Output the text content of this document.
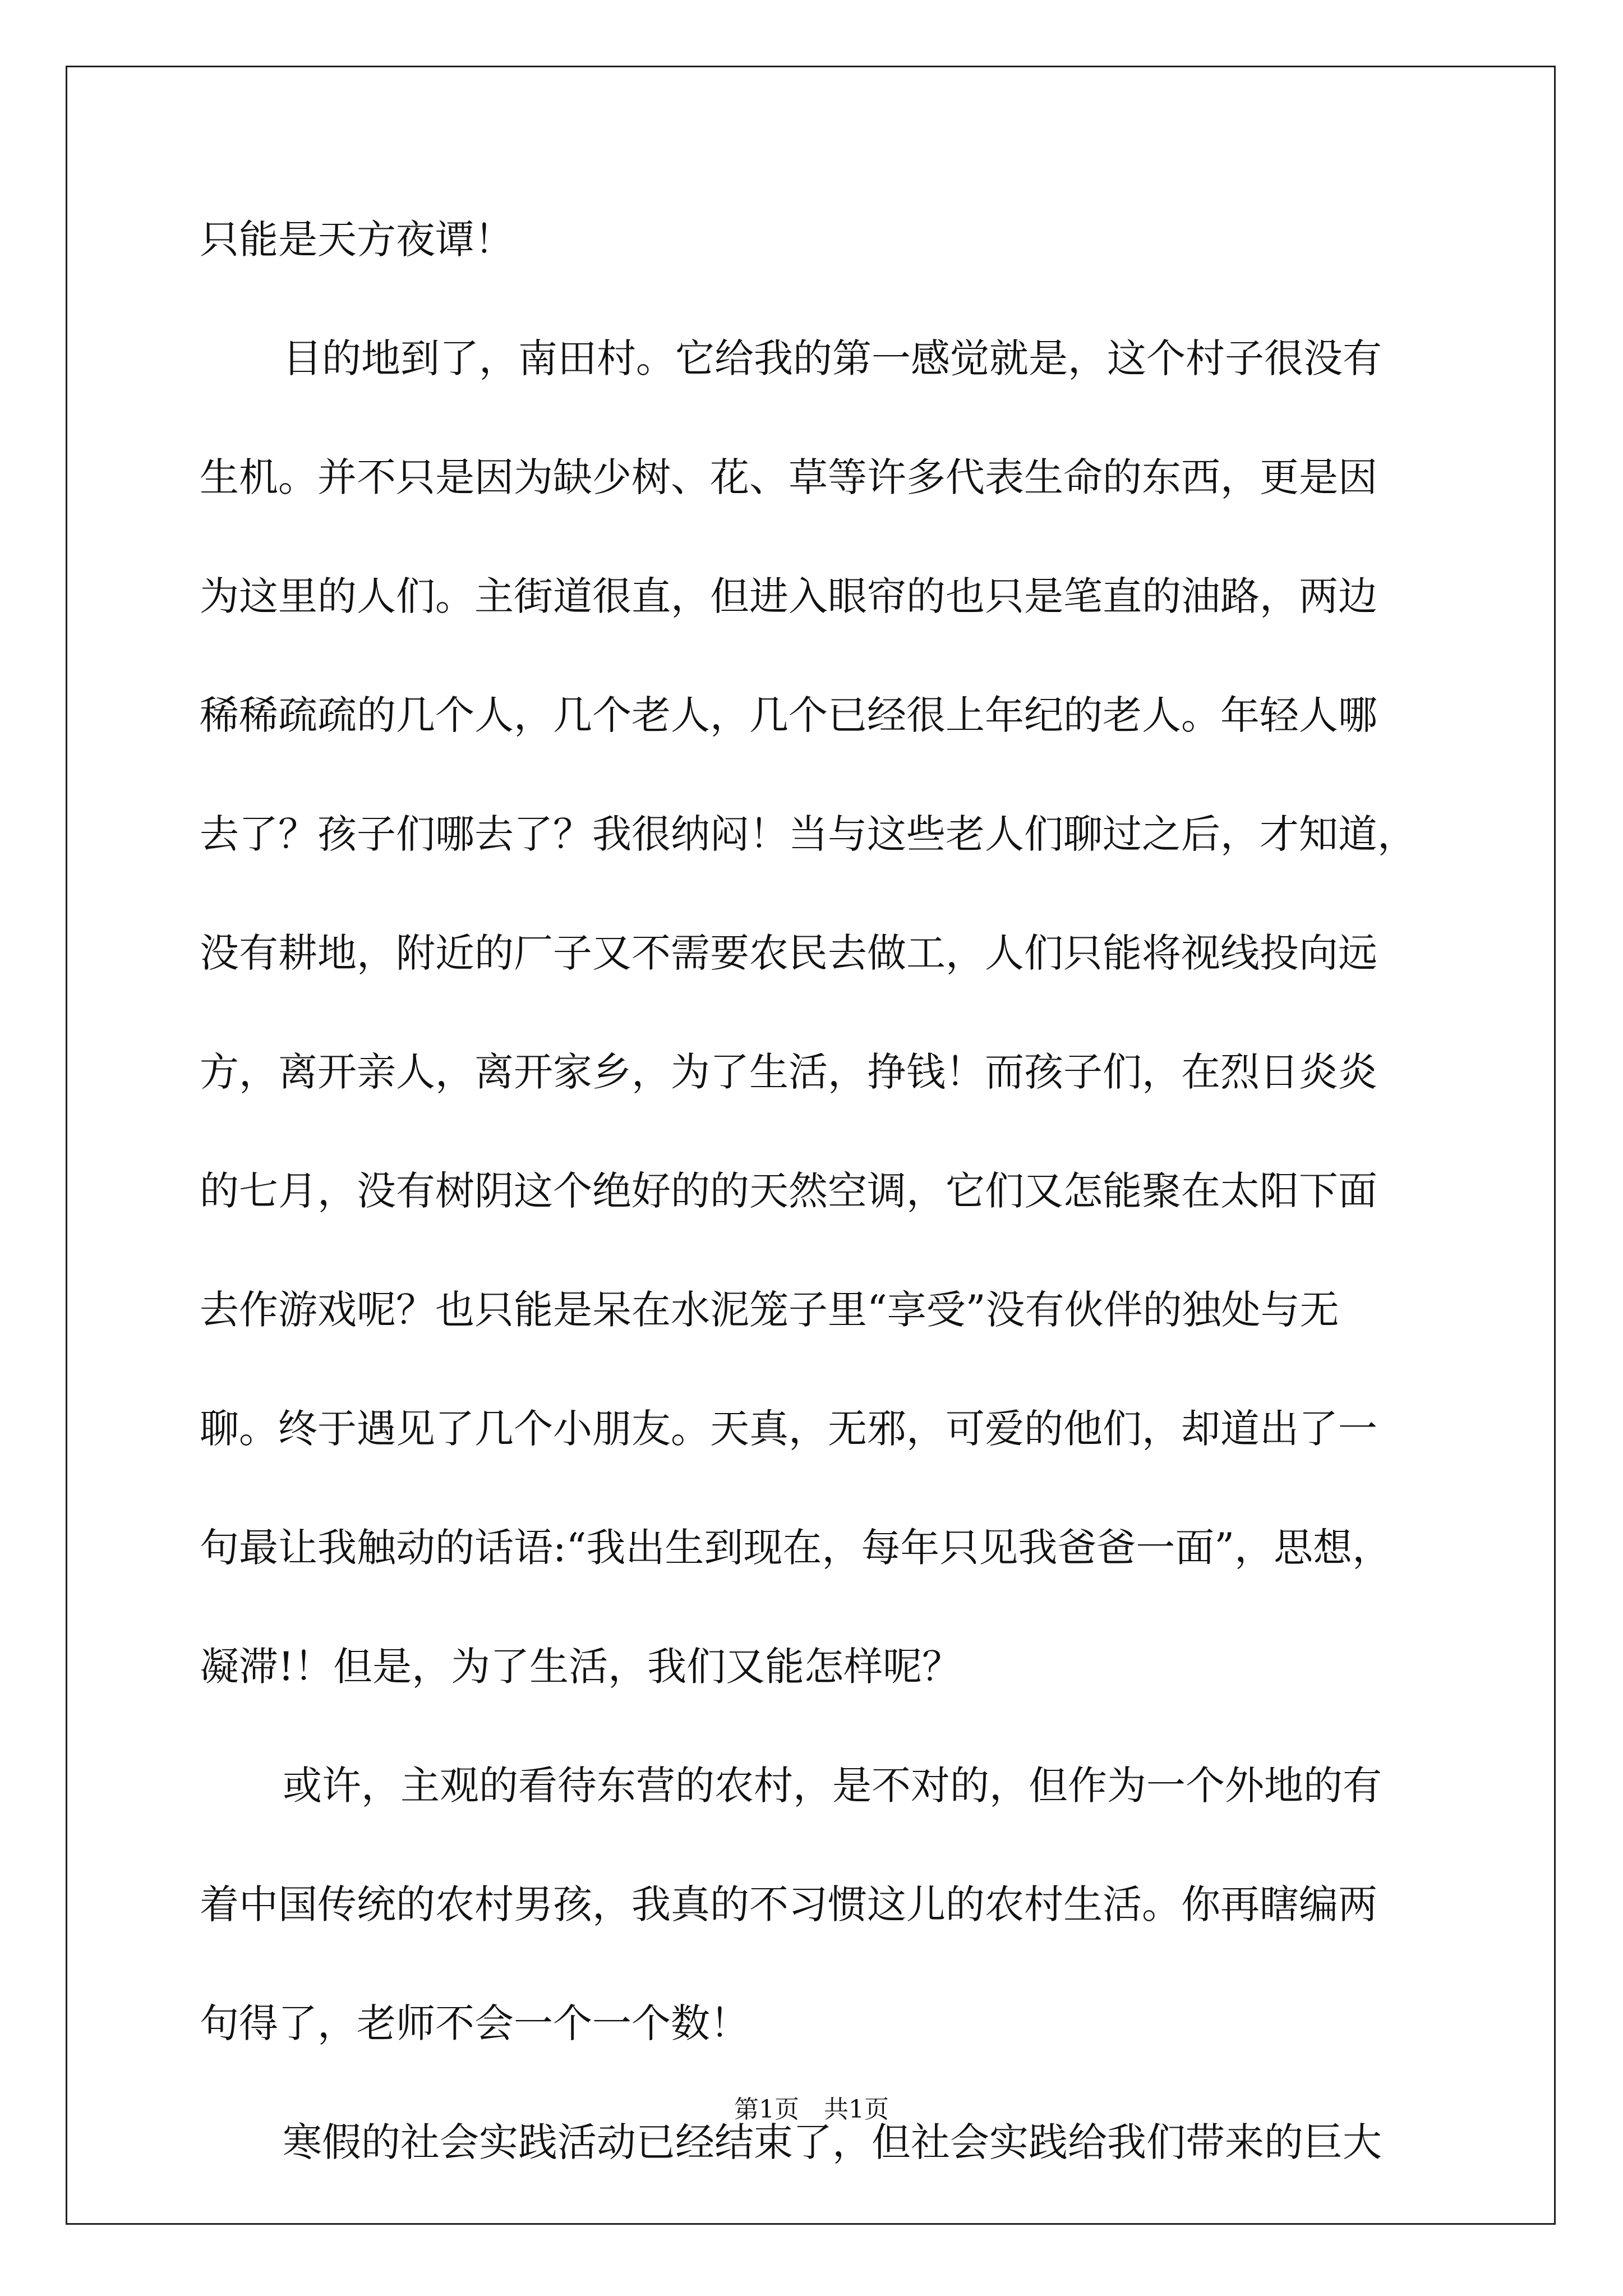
只能是天方夜谭！
目的地到了，南田村。它给我的第一感觉就是，这个村子很没有
生机。并不只是因为缺少树、花、草等许多代表生命的东西，更是因
为这里的人们。主街道很直，但进入眼帘的也只是笔直的油路，两边
稀稀疏疏的几个人，几个老人，几个已经很上年纪的老人。年轻人哪
去了？孩子们哪去了？我很纳闷！当与这些老人们聊过之后，才知道，
没有耕地，附近的厂子又不需要农民去做工，人们只能将视线投向远
方，离开亲人，离开家乡，为了生活，挣钱！而孩子们，在烈日炎炎
的七月，没有树阴这个绝好的的天然空调，它们又怎能聚在太阳下面
去作游戏呢？也只能是呆在水泥笼子里“享受”没有伙伴的独处与无
聊。终于遇见了几个小朋友。天真，无邪，可爱的他们，却道出了一
句最让我触动的话语:“我出生到现在，每年只见我爸爸一面”，思想，
凝滞!！但是，为了生活，我们又能怎样呢？
或许，主观的看待东营的农村，是不对的，但作为一个外地的有
着中国传统的农村男孩，我真的不习惯这儿的农村生活。你再瞎编两
句得了，老师不会一个一个数！
寒假的社会实践活动已经结束了，但社会实践给我们带来的巨大
第1页 共1页
